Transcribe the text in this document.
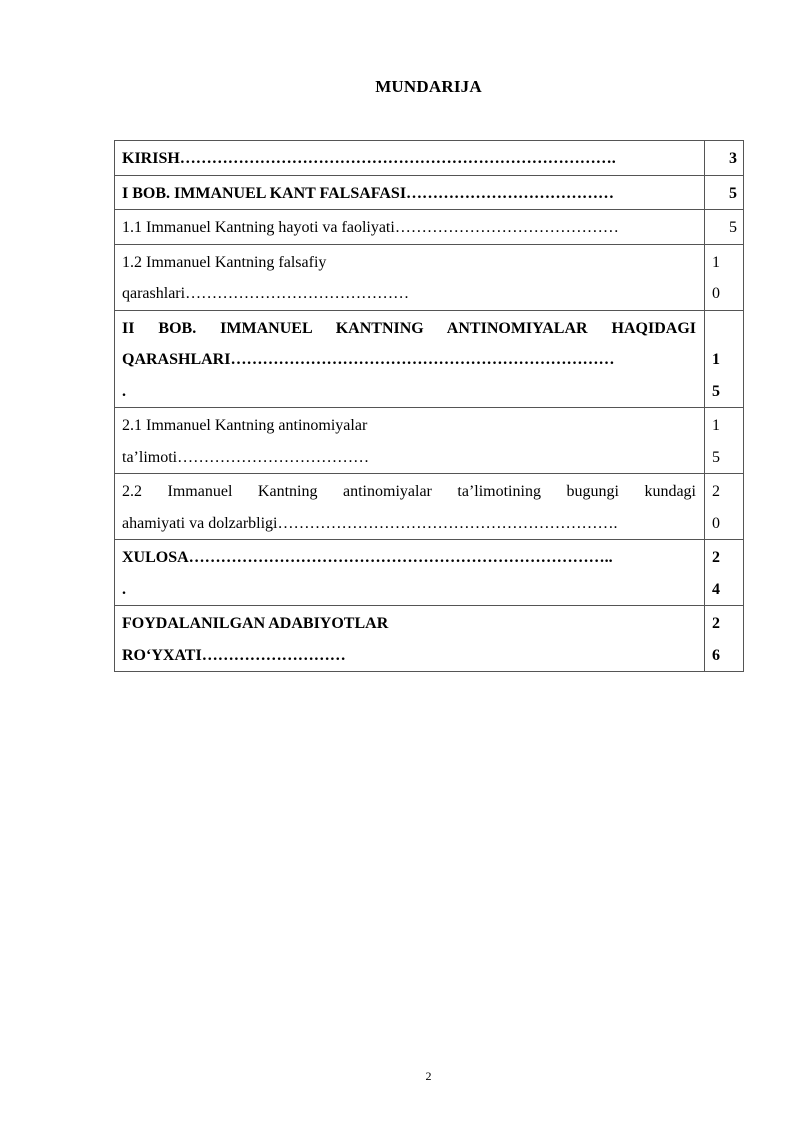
MUNDARIJA
KIRISH……………………………………………………………………….	3

I BOB. IMMANUEL KANT FALSAFASI…………………………………	5

1.1 Immanuel Kantning hayoti va faoliyati……………………………………	5

1.2 Immanuel Kantning falsafiy
qarashlari……………………………………	1
0

II BOB. IMMANUEL KANTNING ANTINOMIYALAR HAQIDAGI
QARASHLARI………………………………………………………………
.	1
5

2.1 Immanuel Kantning antinomiyalar
ta’limoti………………………………	1
5

2.2 Immanuel Kantning antinomiyalar ta’limotining bugungi kundagi
ahamiyati va dolzarbligi……………………………………………………….	2
0

XULOSA……………………………………………………………………..
.	2
4

FOYDALANILGAN ADABIYOTLAR
RO‘YXATI………………………	2
6
2
